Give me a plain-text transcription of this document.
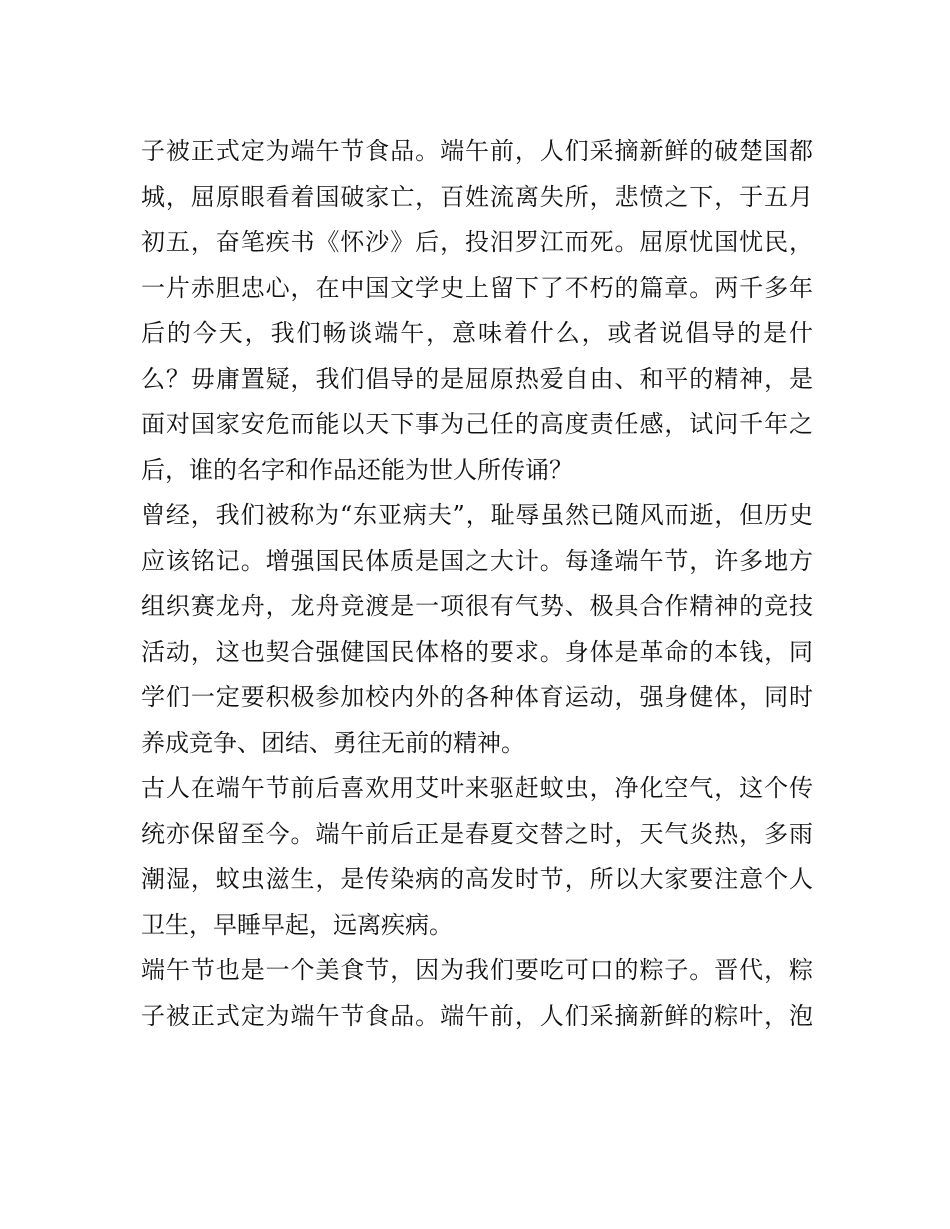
子被正式定为端午节食品。端午前，人们采摘新鲜的破楚国都
城，屈原眼看着国破家亡，百姓流离失所，悲愤之下，于五月
初五，奋笔疾书《怀沙》后，投汨罗江而死。屈原忧国忧民，
一片赤胆忠心，在中国文学史上留下了不朽的篇章。两千多年
后的今天，我们畅谈端午，意味着什么，或者说倡导的是什
么？毋庸置疑，我们倡导的是屈原热爱自由、和平的精神，是
面对国家安危而能以天下事为己任的高度责任感，试问千年之
后，谁的名字和作品还能为世人所传诵？
曾经，我们被称为“东亚病夫”，耻辱虽然已随风而逝，但历史
应该铭记。增强国民体质是国之大计。每逢端午节，许多地方
组织赛龙舟，龙舟竞渡是一项很有气势、极具合作精神的竞技
活动，这也契合强健国民体格的要求。身体是革命的本钱，同
学们一定要积极参加校内外的各种体育运动，强身健体，同时
养成竞争、团结、勇往无前的精神。
古人在端午节前后喜欢用艾叶来驱赶蚊虫，净化空气，这个传
统亦保留至今。端午前后正是春夏交替之时，天气炎热，多雨
潮湿，蚊虫滋生，是传染病的高发时节，所以大家要注意个人
卫生，早睡早起，远离疾病。
端午节也是一个美食节，因为我们要吃可口的粽子。晋代，粽
子被正式定为端午节食品。端午前，人们采摘新鲜的粽叶，泡
